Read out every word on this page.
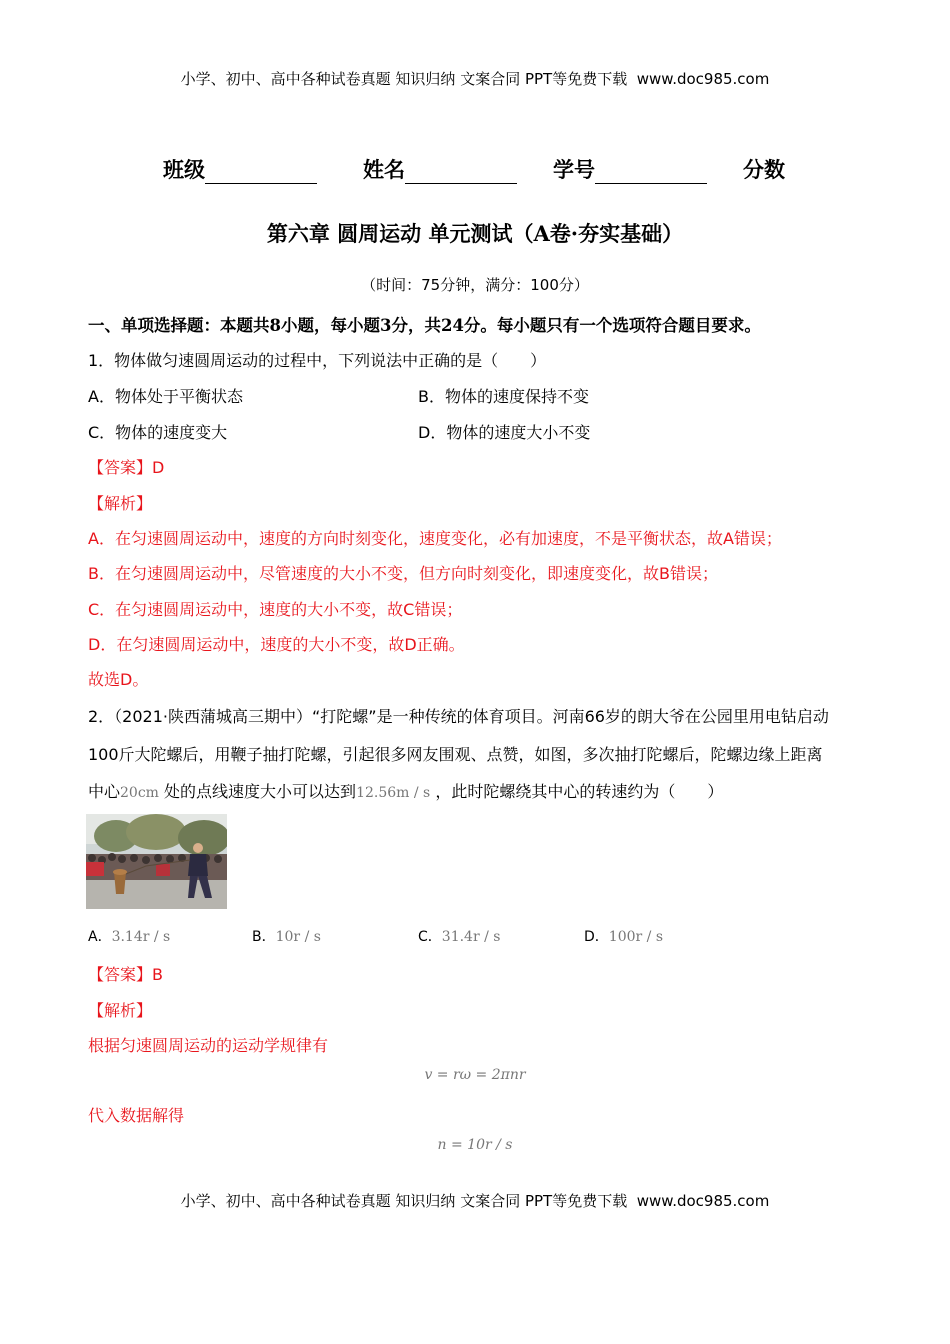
小学、初中、高中各种试卷真题 知识归纳 文案合同 PPT等免费下载 www.doc985.com
班级	姓名	学号	分数
第六章 圆周运动 单元测试（A卷·夯实基础）
（时间：75分钟，满分：100分）
一、单项选择题：本题共8小题，每小题3分，共24分。每小题只有一个选项符合题目要求。
1．物体做匀速圆周运动的过程中，下列说法中正确的是（　　）
A．物体处于平衡状态	B．物体的速度保持不变
C．物体的速度变大	D．物体的速度大小不变
【答案】D
【解析】
A．在匀速圆周运动中，速度的方向时刻变化，速度变化，必有加速度，不是平衡状态，故A错误；
B．在匀速圆周运动中，尽管速度的大小不变，但方向时刻变化，即速度变化，故B错误；
C．在匀速圆周运动中，速度的大小不变，故C错误；
D．在匀速圆周运动中，速度的大小不变，故D正确。
故选D。
2．（2021·陕西蒲城高三期中）“打陀螺”是一种传统的体育项目。河南66岁的朗大爷在公园里用电钻启动
100斤大陀螺后，用鞭子抽打陀螺，引起很多网友围观、点赞，如图，多次抽打陀螺后，陀螺边缘上距离
中心20cm 处的点线速度大小可以达到12.56m / s ，此时陀螺绕其中心的转速约为（　　）
A．3.14r / s	B．10r / s	C．31.4r / s	D．100r / s
【答案】B
【解析】
根据匀速圆周运动的运动学规律有
v = rω = 2πnr
代入数据解得
n = 10r / s
小学、初中、高中各种试卷真题 知识归纳 文案合同 PPT等免费下载 www.doc985.com
